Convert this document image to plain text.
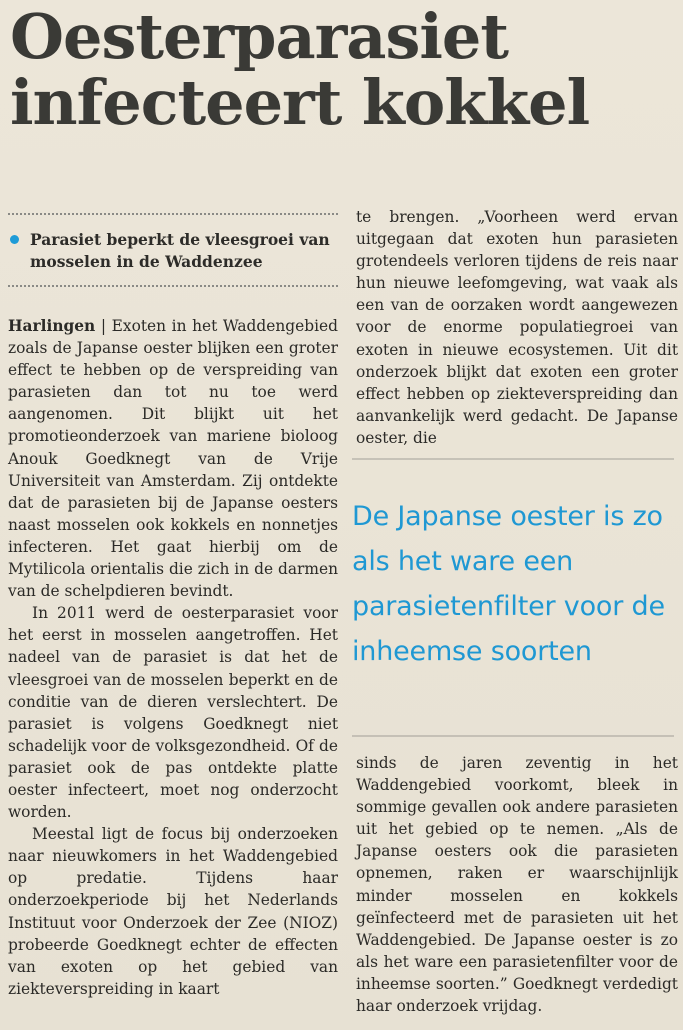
Oesterparasiet infecteert kokkel
Parasiet beperkt de vleesgroei van mosselen in de Waddenzee

Harlingen | Exoten in het Waddengebied zoals de Japanse oester blijken een groter effect te hebben op de verspreiding van parasieten dan tot nu toe werd aangenomen. Dit blijkt uit het promotieonderzoek van mariene bioloog Anouk Goedknegt van de Vrije Universiteit van Amsterdam. Zij ontdekte dat de parasieten bij de Japanse oesters naast mosselen ook kokkels en nonnetjes infecteren. Het gaat hierbij om de Mytilicola orientalis die zich in de darmen van de schelpdieren bevindt.

In 2011 werd de oesterparasiet voor het eerst in mosselen aangetroffen. Het nadeel van de parasiet is dat het de vleesgroei van de mosselen beperkt en de conditie van de dieren verslechtert. De parasiet is volgens Goedknegt niet schadelijk voor de volksgezondheid. Of de parasiet ook de pas ontdekte platte oester infecteert, moet nog onderzocht worden.

Meestal ligt de focus bij onderzoeken naar nieuwkomers in het Waddengebied op predatie. Tijdens haar onderzoekperiode bij het Nederlands Instituut voor Onderzoek der Zee (NIOZ) probeerde Goedknegt echter de effecten van exoten op het gebied van ziekteverspreiding in kaart

te brengen. „Voorheen werd ervan uitgegaan dat exoten hun parasieten grotendeels verloren tijdens de reis naar hun nieuwe leefomgeving, wat vaak als een van de oorzaken wordt aangewezen voor de enorme populatiegroei van exoten in nieuwe ecosystemen. Uit dit onderzoek blijkt dat exoten een groter effect hebben op ziekteverspreiding dan aanvankelijk werd gedacht. De Japanse oester, die

De Japanse oester is zo als het ware een parasietenfilter voor de inheemse soorten

sinds de jaren zeventig in het Waddengebied voorkomt, bleek in sommige gevallen ook andere parasieten uit het gebied op te nemen. „Als de Japanse oesters ook die parasieten opnemen, raken er waarschijnlijk minder mosselen en kokkels geïnfecteerd met de parasieten uit het Waddengebied. De Japanse oester is zo als het ware een parasietenfilter voor de inheemse soorten.” Goedknegt verdedigt haar onderzoek vrijdag.
